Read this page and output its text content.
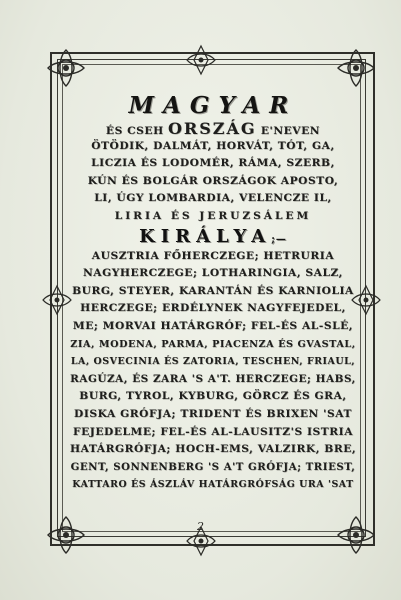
MAGYAR
ÉS CSEH ORSZÁG E'NEVEN
ÖTÖDIK, DALMÁT, HORVÁT, TÓT, GA,
LICZIA ÉS LODOMÉR, RÁMA, SZERB,
KÚN ÉS BOLGÁR ORSZÁGOK APOSTO,
LI, ÚGY LOMBARDIA, VELENCZE IL,
LIRIA ÉS JERUZSÁLEM
KIRÁLYA;—
AUSZTRIA FŐHERCZEGE; HETRURIA
NAGYHERCZEGE; LOTHARINGIA, SALZ,
BURG, STEYER, KARANTÁN ÉS KARNIOLIA
HERCZEGE; ERDÉLYNEK NAGYFEJEDEL,
ME; MORVAI HATÁRGRÓF; FEL-ÉS AL-SLÉ,
ZIA, MODENA, PARMA, PIACENZA ÉS GVASTAL,
LA, OSVECINIA ÉS ZATORIA, TESCHEN, FRIAUL,
RAGÚZA, ÉS ZARA 'S A'T. HERCZEGE; HABS,
BURG, TYROL, KYBURG, GÖRCZ ÉS GRA,
DISKA GRÓFJA; TRIDENT ÉS BRIXEN 'SAT
FEJEDELME; FEL-ÉS AL-LAUSITZ'S ISTRIA
HATÁRGRÓFJA; HOCH-EMS, VALZIRK, BRE,
GENT, SONNENBERG 'S A'T GRÓFJA; TRIEST,
KATTARO ÉS ÁSZLÁV HATÁRGRÓFSÁG URA 'SAT
2
